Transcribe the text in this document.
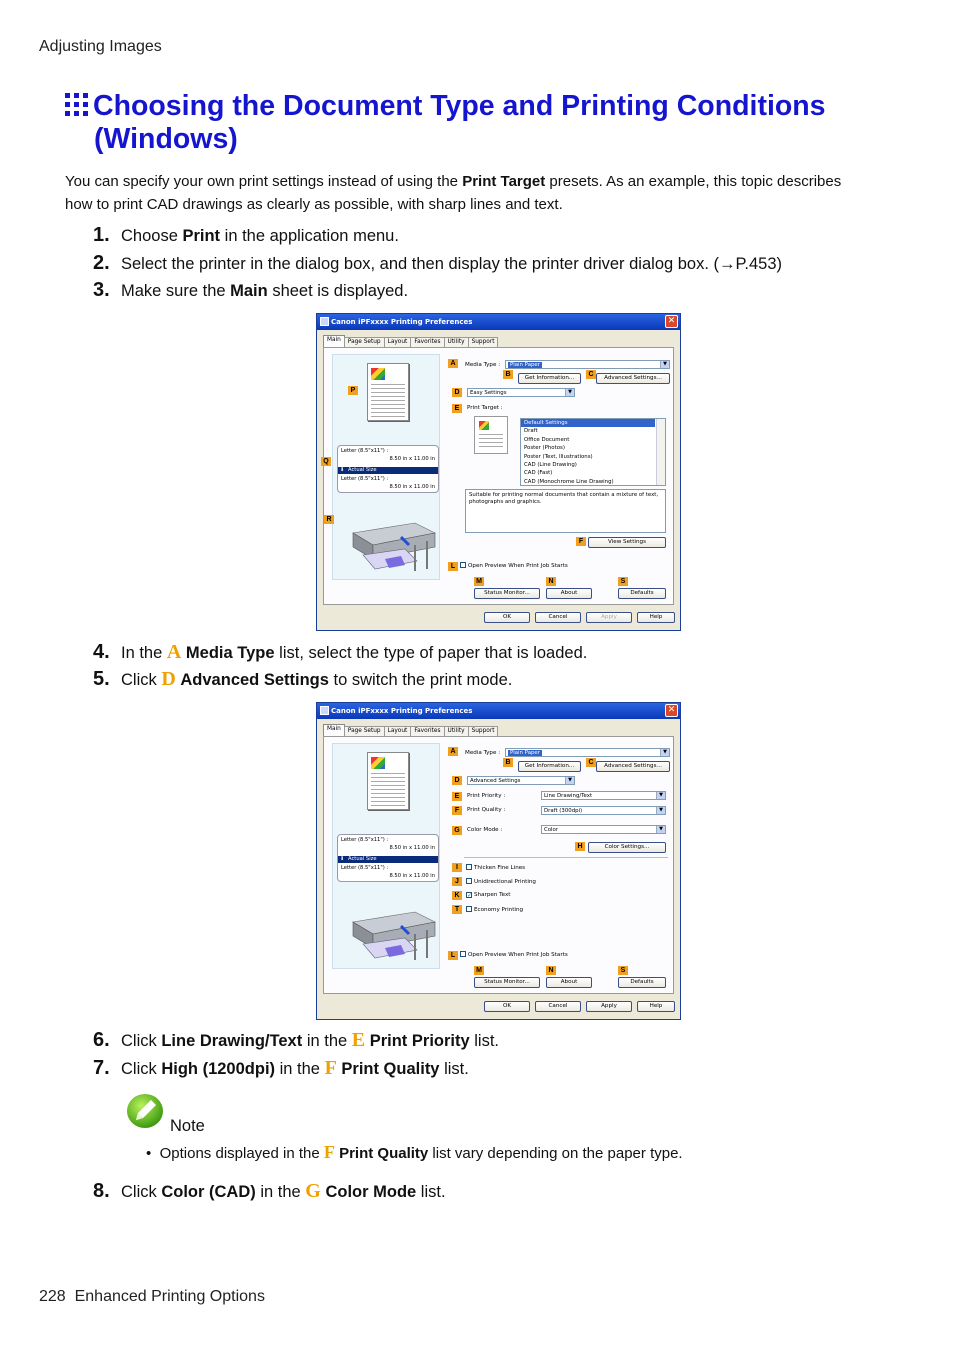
Adjusting Images
Choosing the Document Type and Printing Conditions
(Windows)
You can specify your own print settings instead of using the Print Target presets. As an example, this topic describes how to print CAD drawings as clearly as possible, with sharp lines and text.
1. Choose Print in the application menu.
2. Select the printer in the dialog box, and then display the printer driver dialog box. (→P.453)
3. Make sure the Main sheet is displayed.
Canon iPFxxxx Printing Preferences	✕
Main Page Setup Layout Favorites Utility Support
Letter (8.5"x11") :
8.50 in x 11.00 in
⬇ Actual Size
Letter (8.5"x11") :
8.50 in x 11.00 in
Media Type :	Plain Paper	▼
Get Information...	Advanced Settings...
Easy Settings	▼
Print Target :
Default Settings
Draft
Office Document
Poster (Photos)
Poster (Text, Illustrations)
CAD (Line Drawing)
CAD (Fast)
CAD (Monochrome Line Drawing)
Suitable for printing normal documents that contain a mixture of text, photographs and graphics.
View Settings
Open Preview When Print Job Starts
Status Monitor...	About	Defaults
A
B	C
D
E
F
L
M	N	S
P
Q
R
OK	Cancel	Apply	Help
4. In the A Media Type list, select the type of paper that is loaded.
5. Click D Advanced Settings to switch the print mode.
Canon iPFxxxx Printing Preferences	✕
Main Page Setup Layout Favorites Utility Support
Letter (8.5"x11") :
8.50 in x 11.00 in
⬇ Actual Size
Letter (8.5"x11") :
8.50 in x 11.00 in
Media Type :	Plain Paper	▼
Get Information...	Advanced Settings...
Advanced Settings	▼
Print Priority :	Line Drawing/Text	▼
Print Quality :	Draft (300dpi)	▼
Color Mode :	Color	▼
Color Settings...
Thicken Fine Lines
Unidirectional Printing
✓ Sharpen Text
Economy Printing
Open Preview When Print Job Starts
Status Monitor...	About	Defaults
A
B	C
D
E
F
G
H
I
J
K
T
L
M	N	S
OK	Cancel	Apply	Help
6. Click Line Drawing/Text in the E Print Priority list.
7. Click High (1200dpi) in the F Print Quality list.
Note
• Options displayed in the F Print Quality list vary depending on the paper type.
8. Click Color (CAD) in the G Color Mode list.
228 Enhanced Printing Options
